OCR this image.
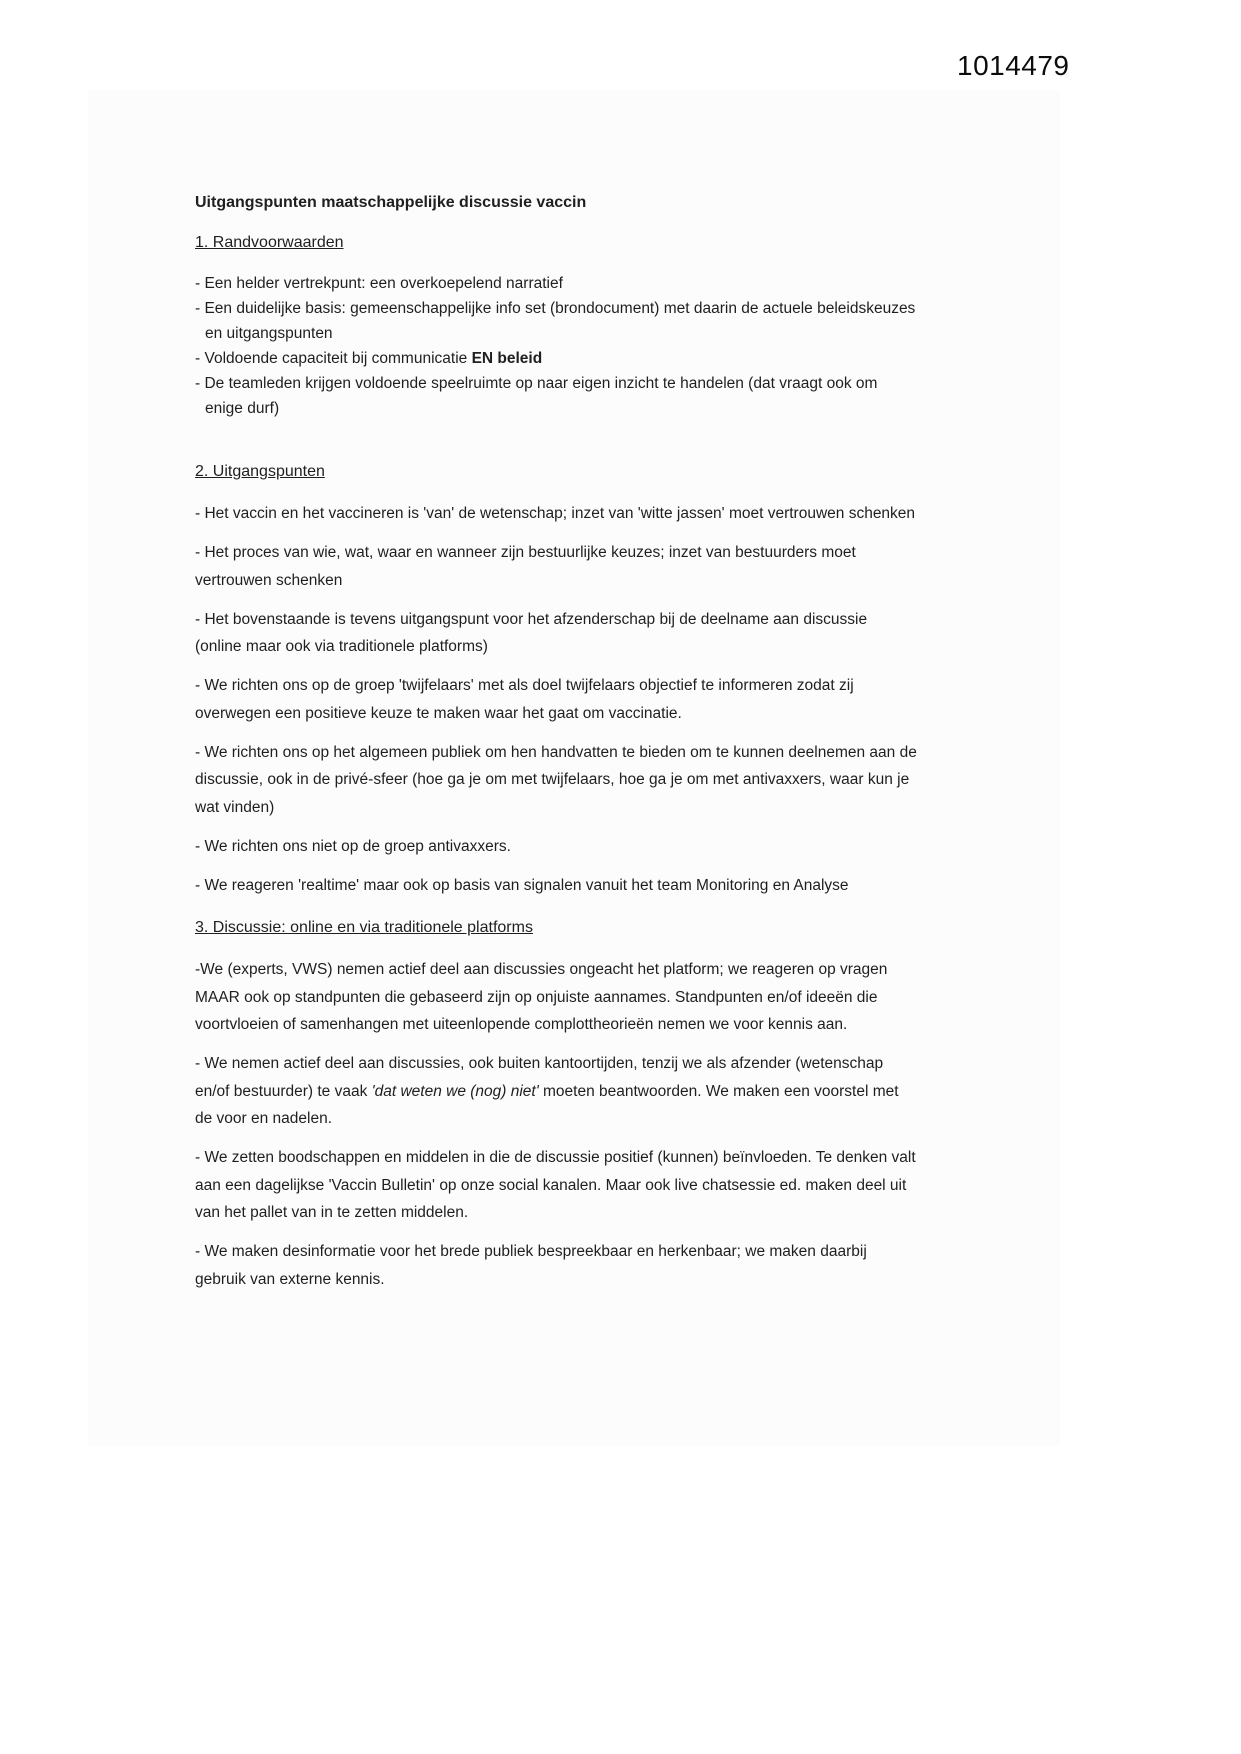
1014479

Uitgangspunten maatschappelijke discussie vaccin

1. Randvoorwaarden

- Een helder vertrekpunt: een overkoepelend narratief
- Een duidelijke basis: gemeenschappelijke info set (brondocument) met daarin de actuele beleidskeuzes en uitgangspunten
- Voldoende capaciteit bij communicatie EN beleid
- De teamleden krijgen voldoende speelruimte op naar eigen inzicht te handelen (dat vraagt ook om enige durf)

2. Uitgangspunten

- Het vaccin en het vaccineren is 'van' de wetenschap; inzet van 'witte jassen' moet vertrouwen schenken

- Het proces van wie, wat, waar en wanneer zijn bestuurlijke keuzes; inzet van bestuurders moet vertrouwen schenken

- Het bovenstaande is tevens uitgangspunt voor het afzenderschap bij de deelname aan discussie (online maar ook via traditionele platforms)

- We richten ons op de groep 'twijfelaars' met als doel twijfelaars objectief te informeren zodat zij overwegen een positieve keuze te maken waar het gaat om vaccinatie.

- We richten ons op het algemeen publiek om hen handvatten te bieden om te kunnen deelnemen aan de discussie, ook in de privé-sfeer (hoe ga je om met twijfelaars, hoe ga je om met antivaxxers, waar kun je wat vinden)

- We richten ons niet op de groep antivaxxers.

- We reageren 'realtime' maar ook op basis van signalen vanuit het team Monitoring en Analyse

3. Discussie: online en via traditionele platforms

-We (experts, VWS) nemen actief deel aan discussies ongeacht het platform; we reageren op vragen MAAR ook op standpunten die gebaseerd zijn op onjuiste aannames. Standpunten en/of ideeën die voortvloeien of samenhangen met uiteenlopende complottheorieën nemen we voor kennis aan.

- We nemen actief deel aan discussies, ook buiten kantoortijden, tenzij we als afzender (wetenschap en/of bestuurder) te vaak 'dat weten we (nog) niet' moeten beantwoorden. We maken een voorstel met de voor en nadelen.

- We zetten boodschappen en middelen in die de discussie positief (kunnen) beïnvloeden. Te denken valt aan een dagelijkse 'Vaccin Bulletin' op onze social kanalen. Maar ook live chatsessie ed. maken deel uit van het pallet van in te zetten middelen.

- We maken desinformatie voor het brede publiek bespreekbaar en herkenbaar; we maken daarbij gebruik van externe kennis.
